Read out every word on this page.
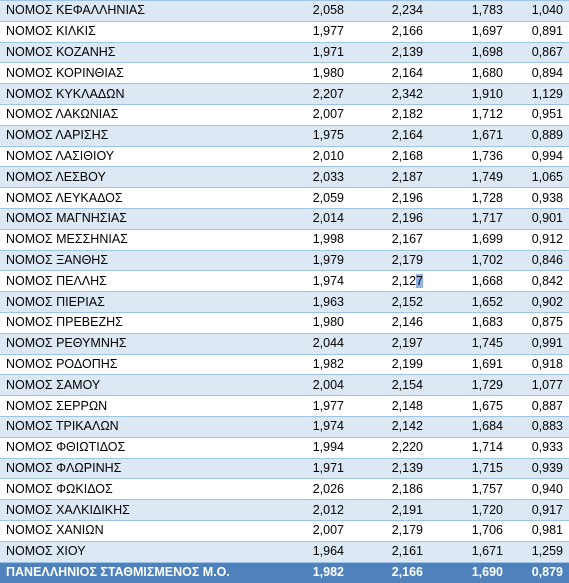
ΝΟΜΟΣ ΚΕΦΑΛΛΗΝΙΑΣ	2,058	2,234	1,783	1,040
ΝΟΜΟΣ ΚΙΛΚΙΣ	1,977	2,166	1,697	0,891
ΝΟΜΟΣ ΚΟΖΑΝΗΣ	1,971	2,139	1,698	0,867
ΝΟΜΟΣ ΚΟΡΙΝΘΙΑΣ	1,980	2,164	1,680	0,894
ΝΟΜΟΣ ΚΥΚΛΑΔΩΝ	2,207	2,342	1,910	1,129
ΝΟΜΟΣ ΛΑΚΩΝΙΑΣ	2,007	2,182	1,712	0,951
ΝΟΜΟΣ ΛΑΡΙΣΗΣ	1,975	2,164	1,671	0,889
ΝΟΜΟΣ ΛΑΣΙΘΙΟΥ	2,010	2,168	1,736	0,994
ΝΟΜΟΣ ΛΕΣΒΟΥ	2,033	2,187	1,749	1,065
ΝΟΜΟΣ ΛΕΥΚΑΔΟΣ	2,059	2,196	1,728	0,938
ΝΟΜΟΣ ΜΑΓΝΗΣΙΑΣ	2,014	2,196	1,717	0,901
ΝΟΜΟΣ ΜΕΣΣΗΝΙΑΣ	1,998	2,167	1,699	0,912
ΝΟΜΟΣ ΞΑΝΘΗΣ	1,979	2,179	1,702	0,846
ΝΟΜΟΣ ΠΕΛΛΗΣ	1,974	2,127	1,668	0,842
ΝΟΜΟΣ ΠΙΕΡΙΑΣ	1,963	2,152	1,652	0,902
ΝΟΜΟΣ ΠΡΕΒΕΖΗΣ	1,980	2,146	1,683	0,875
ΝΟΜΟΣ ΡΕΘΥΜΝΗΣ	2,044	2,197	1,745	0,991
ΝΟΜΟΣ ΡΟΔΟΠΗΣ	1,982	2,199	1,691	0,918
ΝΟΜΟΣ ΣΑΜΟΥ	2,004	2,154	1,729	1,077
ΝΟΜΟΣ ΣΕΡΡΩΝ	1,977	2,148	1,675	0,887
ΝΟΜΟΣ ΤΡΙΚΑΛΩΝ	1,974	2,142	1,684	0,883
ΝΟΜΟΣ ΦΘΙΩΤΙΔΟΣ	1,994	2,220	1,714	0,933
ΝΟΜΟΣ ΦΛΩΡΙΝΗΣ	1,971	2,139	1,715	0,939
ΝΟΜΟΣ ΦΩΚΙΔΟΣ	2,026	2,186	1,757	0,940
ΝΟΜΟΣ ΧΑΛΚΙΔΙΚΗΣ	2,012	2,191	1,720	0,917
ΝΟΜΟΣ ΧΑΝΙΩΝ	2,007	2,179	1,706	0,981
ΝΟΜΟΣ ΧΙΟΥ	1,964	2,161	1,671	1,259
ΠΑΝΕΛΛΗΝΙΟΣ ΣΤΑΘΜΙΣΜΕΝΟΣ Μ.Ο.	1,982	2,166	1,690	0,879
